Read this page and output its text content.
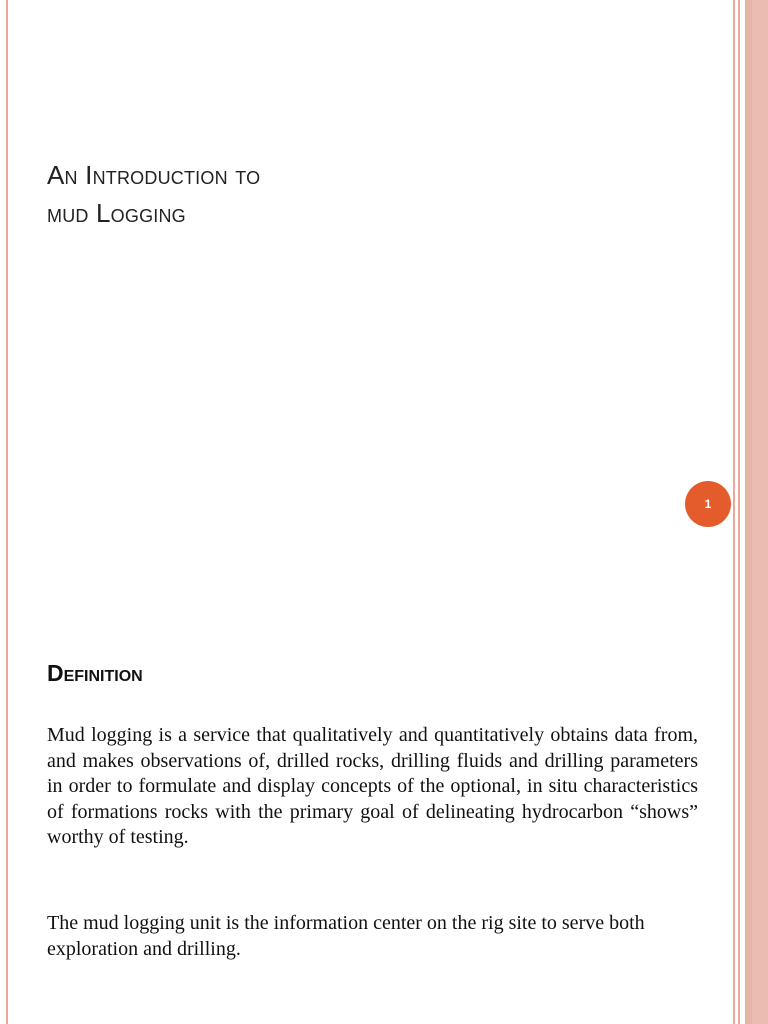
An Introduction to
mud Logging
1
Definition

Mud logging is a service that qualitatively and quantitatively obtains data from, and makes observations of, drilled rocks, drilling fluids and drilling parameters in order to formulate and display concepts of the optional, in situ characteristics of formations rocks with the primary goal of delineating hydrocarbon “shows” worthy of testing.

The mud logging unit is the information center on the rig site to serve both exploration and drilling.
